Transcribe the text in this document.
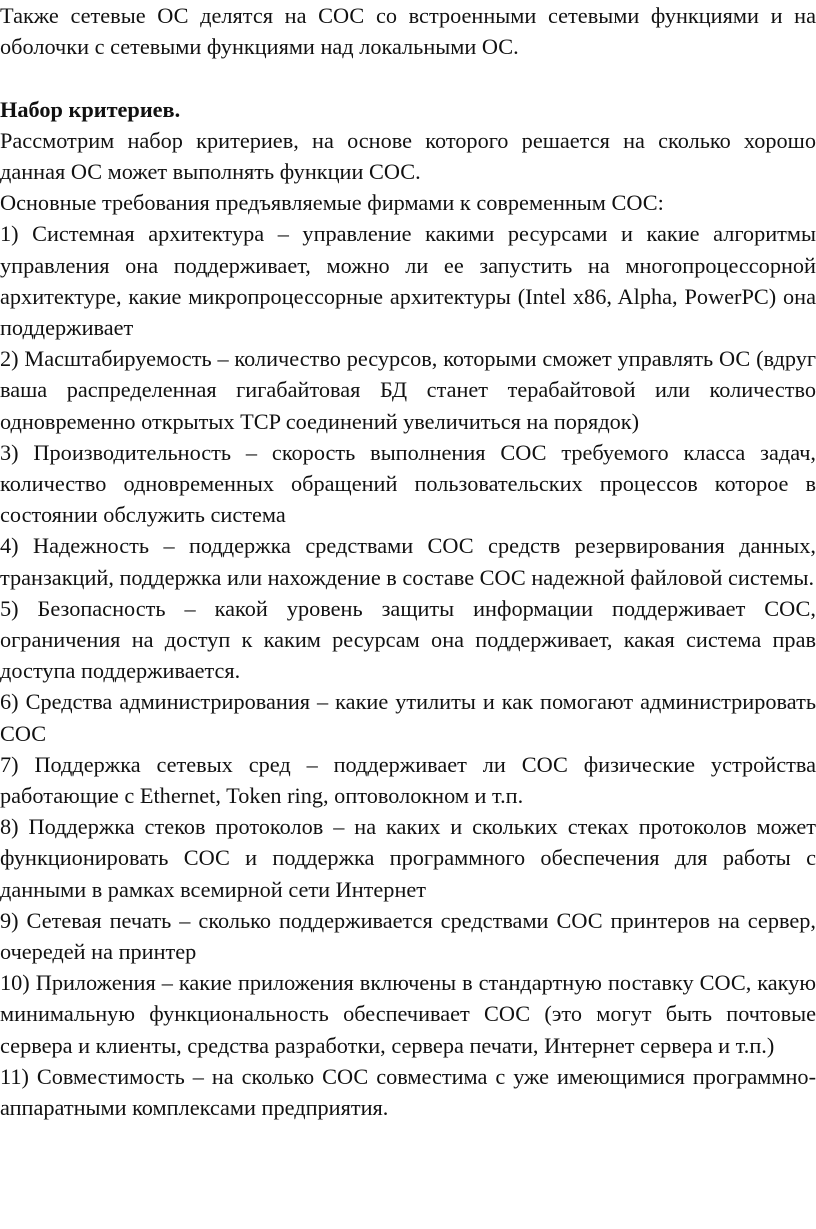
Также сетевые ОС делятся на СОС со встроенными сетевыми функциями и на оболочки с сетевыми функциями над локальными ОС.

Набор критериев.

Рассмотрим набор критериев, на основе которого решается на сколько хорошо данная ОС может выполнять функции СОС.

Основные требования предъявляемые фирмами к современным СОС:

1) Системная архитектура – управление какими ресурсами и какие алгоритмы управления она поддерживает, можно ли ее запустить на многопроцессорной архитектуре, какие микропроцессорные архитектуры (Intel x86, Alpha, PowerPC) она поддерживает

2) Масштабируемость – количество ресурсов, которыми сможет управлять ОС (вдруг ваша распределенная гигабайтовая БД станет терабайтовой или количество одновременно открытых TCP соединений увеличиться на порядок)

3) Производительность – скорость выполнения СОС требуемого класса задач, количество одновременных обращений пользовательских процессов которое в состоянии обслужить система

4) Надежность – поддержка средствами СОС средств резервирования данных, транзакций, поддержка или нахождение в составе СОС надежной файловой системы.

5) Безопасность – какой уровень защиты информации поддерживает СОС, ограничения на доступ к каким ресурсам она поддерживает, какая система прав доступа поддерживается.

6) Средства администрирования – какие утилиты и как помогают администрировать СОС

7) Поддержка сетевых сред – поддерживает ли СОС физические устройства работающие с Ethernet, Token ring, оптоволокном и т.п.

8) Поддержка стеков протоколов – на каких и скольких стеках протоколов может функционировать СОС и поддержка программного обеспечения для работы с данными в рамках всемирной сети Интернет

9) Сетевая печать – сколько поддерживается средствами СОС принтеров на сервер, очередей на принтер

10) Приложения – какие приложения включены в стандартную поставку СОС, какую минимальную функциональность обеспечивает СОС (это могут быть почтовые сервера и клиенты, средства разработки, сервера печати, Интернет сервера и т.п.)

11) Совместимость – на сколько СОС совместима с уже имеющимися программно-аппаратными комплексами предприятия.
